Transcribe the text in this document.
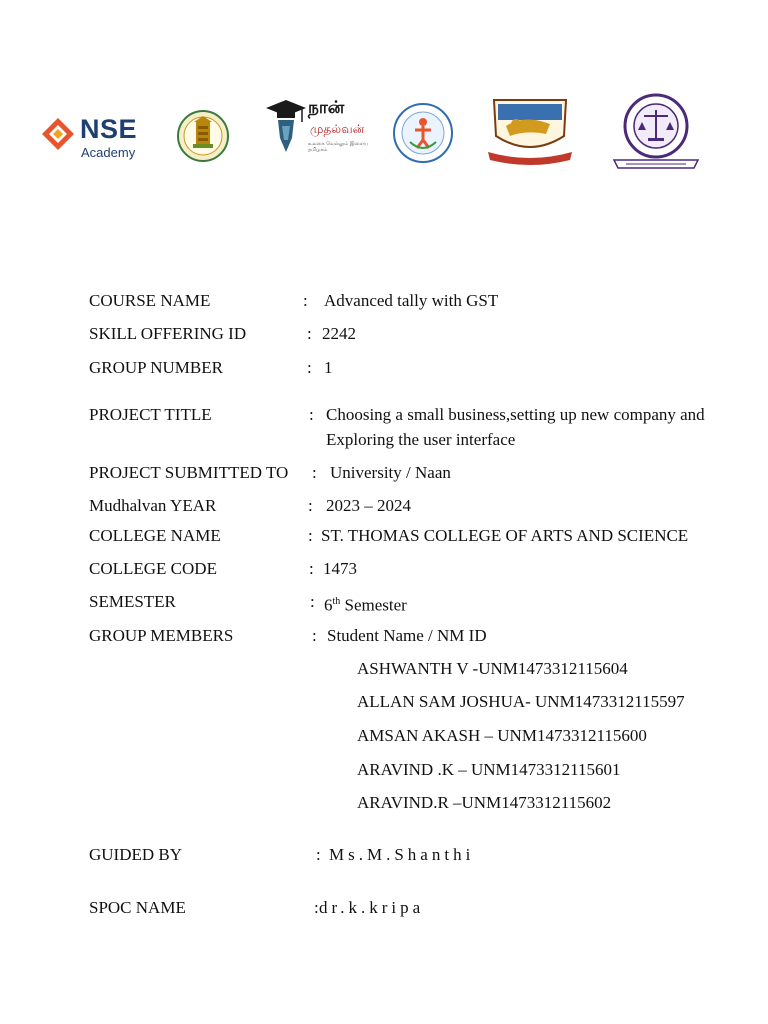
NSE
Academy
நான்
முதல்வன்
உலகை வெல்லும் இளைய தமிழகம்
COURSE NAME	: Advanced tally with GST
SKILL OFFERING ID	: 2242
GROUP NUMBER	: 1
PROJECT TITLE	: Choosing a small business,setting up new company and
Exploring the user interface
PROJECT SUBMITTED TO : University / Naan
Mudhalvan YEAR	: 2023 – 2024
COLLEGE NAME	: ST. THOMAS COLLEGE OF ARTS AND SCIENCE
COLLEGE CODE	: 1473
SEMESTER	: 6th Semester
GROUP MEMBERS	: Student Name / NM ID
ASHWANTH V -UNM1473312115604
ALLAN SAM JOSHUA- UNM1473312115597
AMSAN AKASH – UNM1473312115600
ARAVIND .K – UNM1473312115601
ARAVIND.R –UNM1473312115602
GUIDED BY	: Ms.M.Shanthi
SPOC NAME	: dr.k.kripa
